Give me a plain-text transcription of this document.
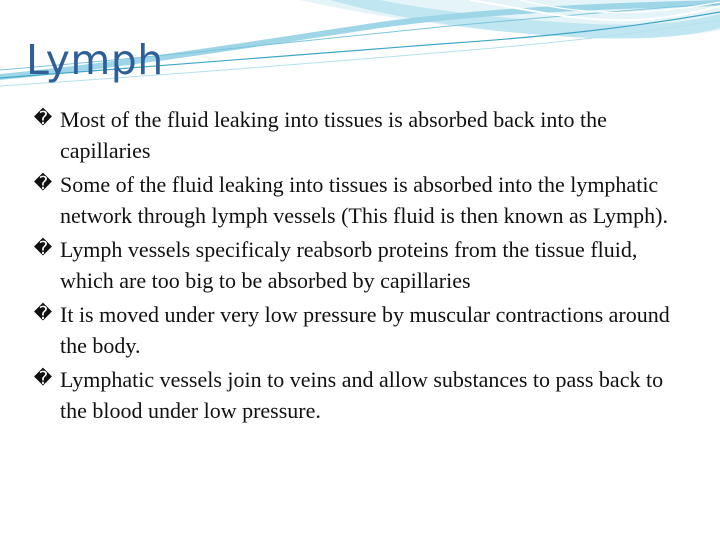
Lymph
� Most of the fluid leaking into tissues is absorbed back into the capillaries
� Some of the fluid leaking into tissues is absorbed into the lymphatic network through lymph vessels (This fluid is then known as Lymph).
� Lymph vessels specificaly reabsorb proteins from the tissue fluid, which are too big to be absorbed by capillaries
� It is moved under very low pressure by muscular contractions around the body.
� Lymphatic vessels join to veins and allow substances to pass back to the blood under low pressure.
